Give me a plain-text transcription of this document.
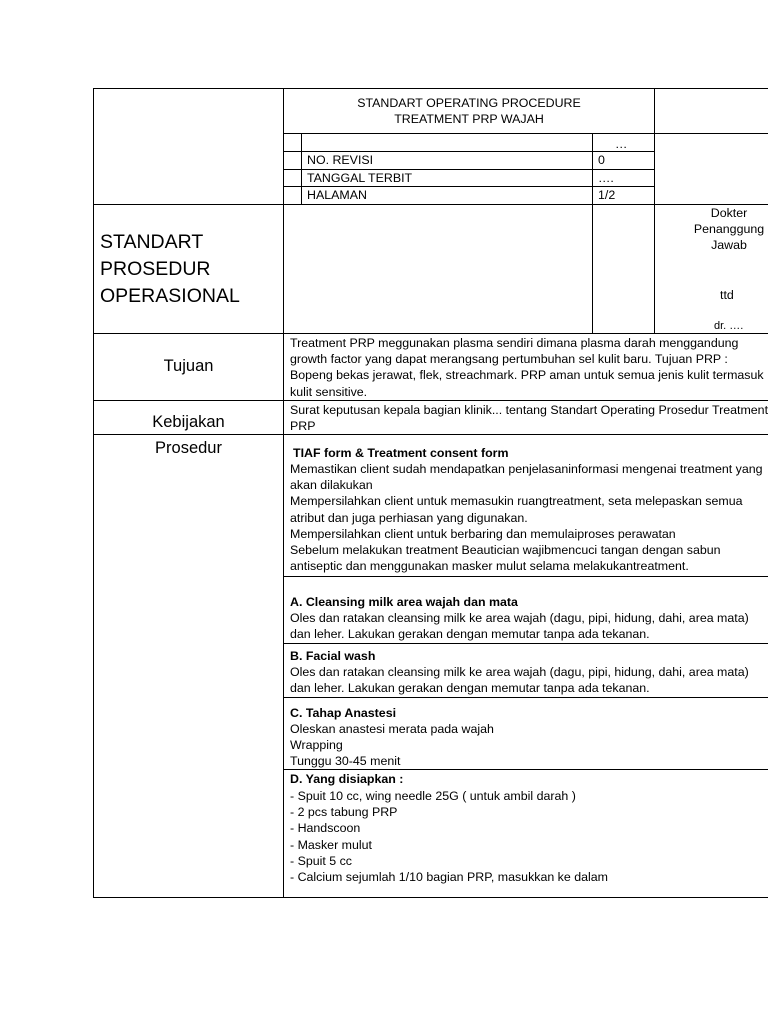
STANDART OPERATING PROCEDURE
TREATMENT PRP WAJAH
…
NO. REVISI	0
TANGGAL TERBIT	….
HALAMAN	1/2
STANDART
PROSEDUR
OPERASIONAL
Dokter
Penanggung
Jawab
ttd
dr. ….
Tujuan
Treatment PRP meggunakan plasma sendiri dimana plasma darah menggandung
growth factor yang dapat merangsang pertumbuhan sel kulit baru. Tujuan PRP :
Bopeng bekas jerawat, flek, streachmark. PRP aman untuk semua jenis kulit termasuk
kulit sensitive.
Kebijakan
Surat keputusan kepala bagian klinik... tentang Standart Operating Prosedur Treatment
PRP
Prosedur	TIAF form & Treatment consent form
Memastikan client sudah mendapatkan penjelasaninformasi mengenai treatment yang
akan dilakukan
Mempersilahkan client untuk memasukin ruangtreatment, seta melepaskan semua
atribut dan juga perhiasan yang digunakan.
Mempersilahkan client untuk berbaring dan memulaiproses perawatan
Sebelum melakukan treatment Beautician wajibmencuci tangan dengan sabun
antiseptic dan menggunakan masker mulut selama melakukantreatment.
A. Cleansing milk area wajah dan mata
Oles dan ratakan cleansing milk ke area wajah (dagu, pipi, hidung, dahi, area mata)
dan leher. Lakukan gerakan dengan memutar tanpa ada tekanan.
B. Facial wash
Oles dan ratakan cleansing milk ke area wajah (dagu, pipi, hidung, dahi, area mata)
dan leher. Lakukan gerakan dengan memutar tanpa ada tekanan.
C. Tahap Anastesi
Oleskan anastesi merata pada wajah
Wrapping
Tunggu 30-45 menit
D. Yang disiapkan :
- Spuit 10 cc, wing needle 25G ( untuk ambil darah )
- 2 pcs tabung PRP
- Handscoon
- Masker mulut
- Spuit 5 cc
- Calcium sejumlah 1/10 bagian PRP, masukkan ke dalam
